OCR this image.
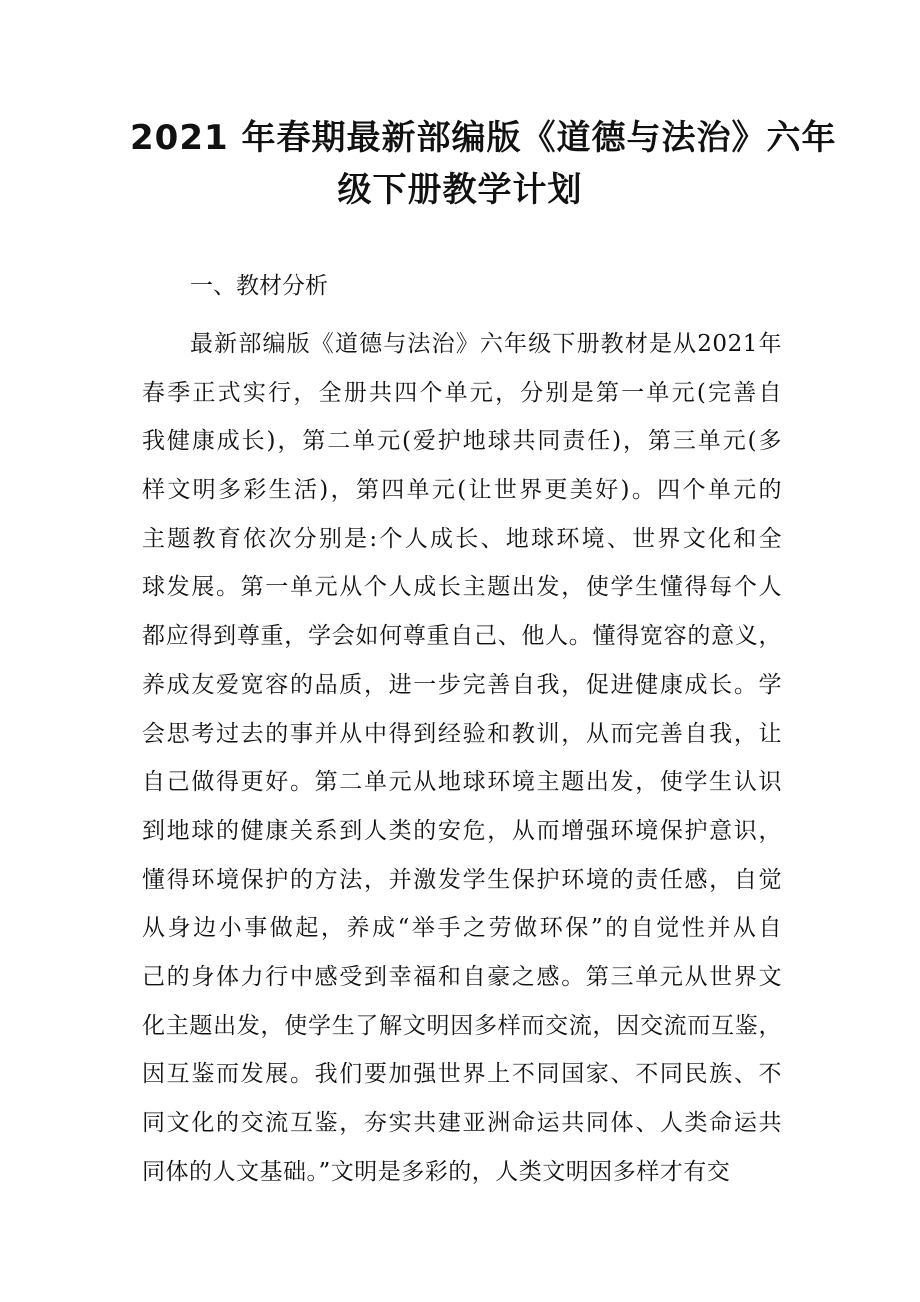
2021 年春期最新部编版《道德与法治》六年
级下册教学计划
一、教材分析
最新部编版《道德与法治》六年级下册教材是从2021年
春季正式实行，全册共四个单元，分别是第一单元(完善自
我健康成长)，第二单元(爱护地球共同责任)，第三单元(多
样文明多彩生活)，第四单元(让世界更美好)。四个单元的
主题教育依次分别是:个人成长、地球环境、世界文化和全
球发展。第一单元从个人成长主题出发，使学生懂得每个人
都应得到尊重，学会如何尊重自己、他人。懂得宽容的意义，
养成友爱宽容的品质，进一步完善自我，促进健康成长。学
会思考过去的事并从中得到经验和教训，从而完善自我，让
自己做得更好。第二单元从地球环境主题出发，使学生认识
到地球的健康关系到人类的安危，从而增强环境保护意识，
懂得环境保护的方法，并激发学生保护环境的责任感，自觉
从身边小事做起，养成“举手之劳做环保”的自觉性并从自
己的身体力行中感受到幸福和自豪之感。第三单元从世界文
化主题出发，使学生了解文明因多样而交流，因交流而互鉴，
因互鉴而发展。我们要加强世界上不同国家、不同民族、不
同文化的交流互鉴，夯实共建亚洲命运共同体、人类命运共
同体的人文基础。”文明是多彩的，人类文明因多样才有交
